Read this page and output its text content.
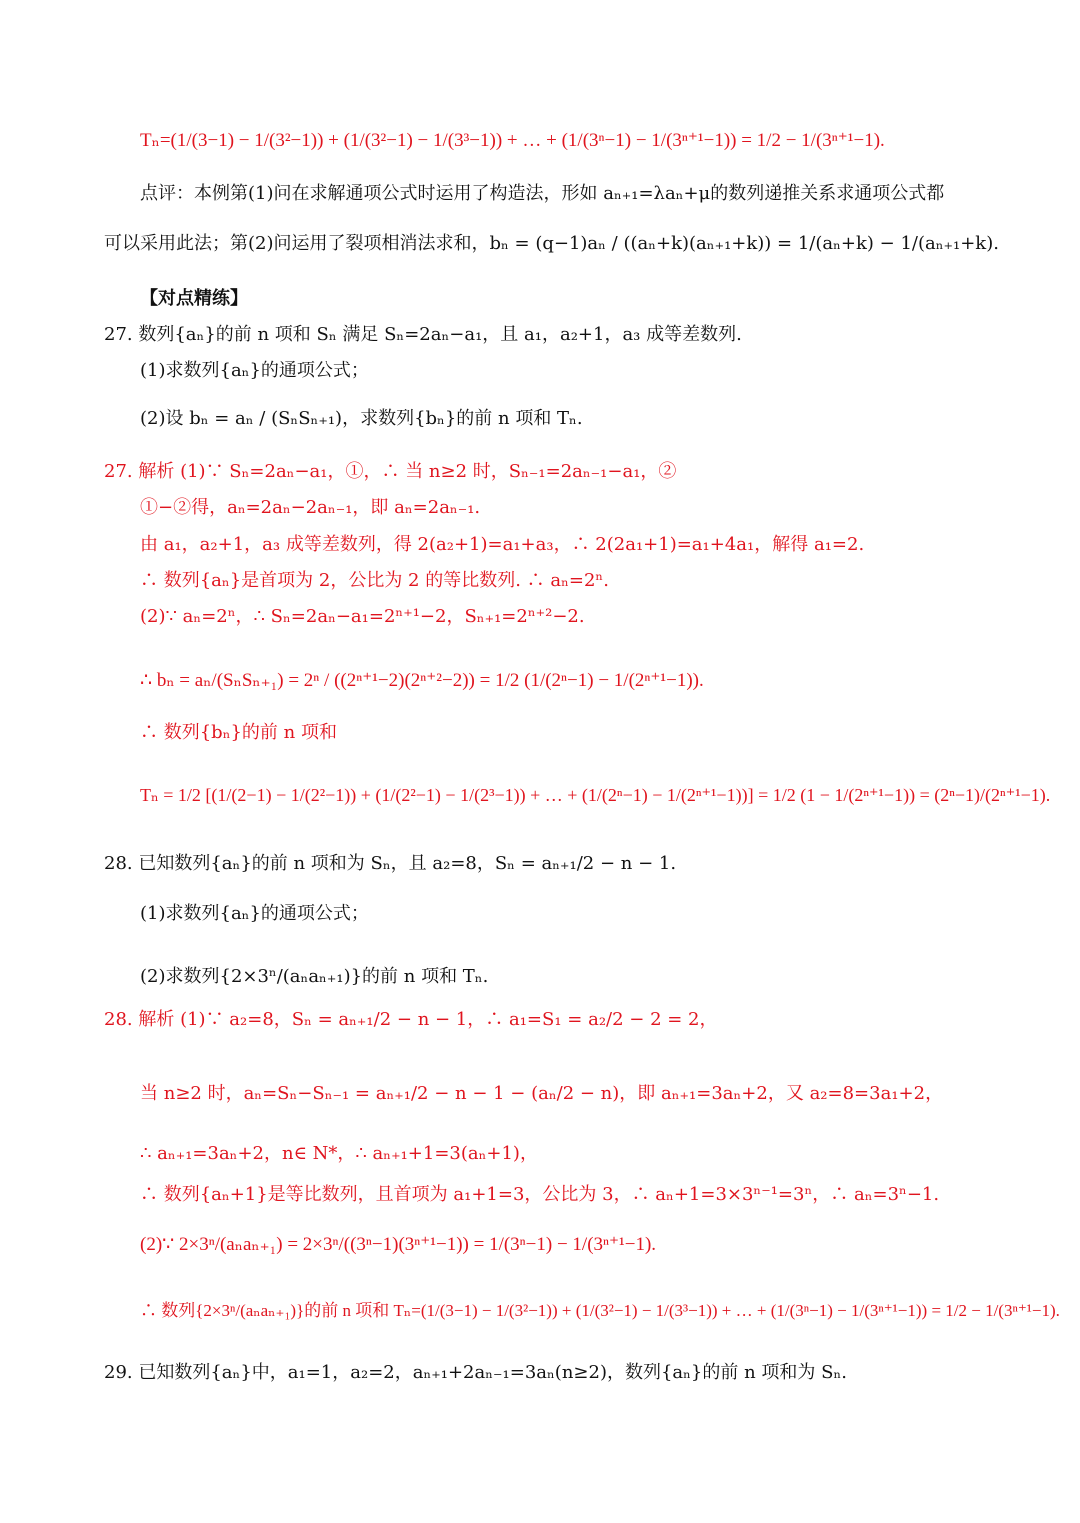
Tₙ=(1/(3−1) − 1/(3²−1)) + (1/(3²−1) − 1/(3³−1)) + … + (1/(3ⁿ−1) − 1/(3ⁿ⁺¹−1)) = 1/2 − 1/(3ⁿ⁺¹−1).
点评：本例第(1)问在求解通项公式时运用了构造法，形如 aₙ₊₁=λaₙ+μ的数列递推关系求通项公式都
可以采用此法；第(2)问运用了裂项相消法求和，bₙ = (q−1)aₙ / ((aₙ+k)(aₙ₊₁+k)) = 1/(aₙ+k) − 1/(aₙ₊₁+k).
【对点精练】
27. 数列{aₙ}的前 n 项和 Sₙ 满足 Sₙ=2aₙ−a₁，且 a₁，a₂+1，a₃ 成等差数列.
(1)求数列{aₙ}的通项公式；
(2)设 bₙ = aₙ / (SₙSₙ₊₁)，求数列{bₙ}的前 n 项和 Tₙ.
27. 解析 (1)∵ Sₙ=2aₙ−a₁，①，∴ 当 n≥2 时，Sₙ₋₁=2aₙ₋₁−a₁，②
①−②得，aₙ=2aₙ−2aₙ₋₁，即 aₙ=2aₙ₋₁.
由 a₁，a₂+1，a₃ 成等差数列，得 2(a₂+1)=a₁+a₃，∴ 2(2a₁+1)=a₁+4a₁，解得 a₁=2.
∴ 数列{aₙ}是首项为 2，公比为 2 的等比数列. ∴ aₙ=2ⁿ.
(2)∵ aₙ=2ⁿ，∴ Sₙ=2aₙ−a₁=2ⁿ⁺¹−2，Sₙ₊₁=2ⁿ⁺²−2.
∴ bₙ = aₙ/(SₙSₙ₊₁) = 2ⁿ / ((2ⁿ⁺¹−2)(2ⁿ⁺²−2)) = 1/2 (1/(2ⁿ−1) − 1/(2ⁿ⁺¹−1)).
∴ 数列{bₙ}的前 n 项和
Tₙ = 1/2 [(1/(2−1) − 1/(2²−1)) + (1/(2²−1) − 1/(2³−1)) + … + (1/(2ⁿ−1) − 1/(2ⁿ⁺¹−1))] = 1/2 (1 − 1/(2ⁿ⁺¹−1)) = (2ⁿ−1)/(2ⁿ⁺¹−1).
28. 已知数列{aₙ}的前 n 项和为 Sₙ，且 a₂=8，Sₙ = aₙ₊₁/2 − n − 1.
(1)求数列{aₙ}的通项公式；
(2)求数列{2×3ⁿ/(aₙaₙ₊₁)}的前 n 项和 Tₙ.
28. 解析 (1)∵ a₂=8，Sₙ = aₙ₊₁/2 − n − 1，∴ a₁=S₁ = a₂/2 − 2 = 2，
当 n≥2 时，aₙ=Sₙ−Sₙ₋₁ = aₙ₊₁/2 − n − 1 − (aₙ/2 − n)，即 aₙ₊₁=3aₙ+2，又 a₂=8=3a₁+2，
∴ aₙ₊₁=3aₙ+2，n∈ N*，∴ aₙ₊₁+1=3(aₙ+1)，
∴ 数列{aₙ+1}是等比数列，且首项为 a₁+1=3，公比为 3，∴ aₙ+1=3×3ⁿ⁻¹=3ⁿ，∴ aₙ=3ⁿ−1.
(2)∵ 2×3ⁿ/(aₙaₙ₊₁) = 2×3ⁿ/((3ⁿ−1)(3ⁿ⁺¹−1)) = 1/(3ⁿ−1) − 1/(3ⁿ⁺¹−1).
∴ 数列{2×3ⁿ/(aₙaₙ₊₁)}的前 n 项和 Tₙ=(1/(3−1) − 1/(3²−1)) + (1/(3²−1) − 1/(3³−1)) + … + (1/(3ⁿ−1) − 1/(3ⁿ⁺¹−1)) = 1/2 − 1/(3ⁿ⁺¹−1).
29. 已知数列{aₙ}中，a₁=1，a₂=2，aₙ₊₁+2aₙ₋₁=3aₙ(n≥2)，数列{aₙ}的前 n 项和为 Sₙ.
